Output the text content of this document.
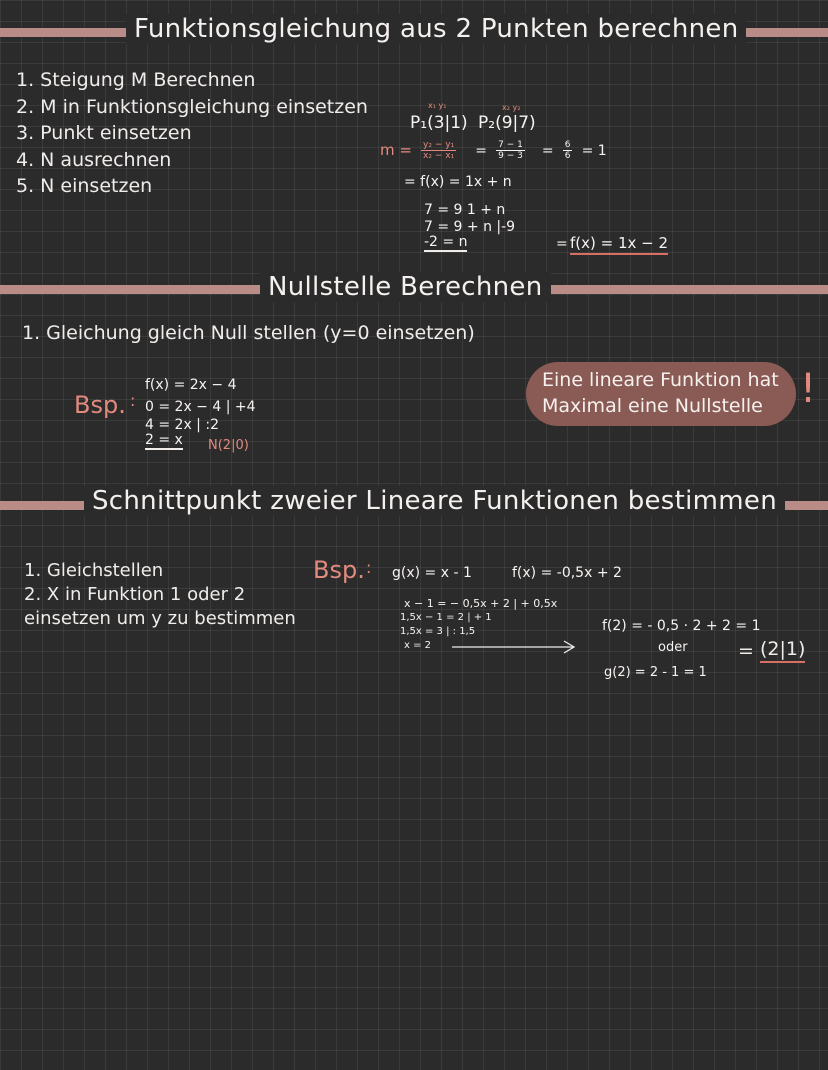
Funktionsgleichung aus 2 Punkten berechnen
1. Steigung M Berechnen
2. M in Funktionsgleichung einsetzen
3. Punkt einsetzen
4. N ausrechnen
5. N einsetzen
x₁ y₁	x₂ y₂
P₁(3|1) P₂(9|7)
$m = \frac{\text{y₂ − y₁}}{\text{x₂ − x₁}} = \frac{7 - 1}{9 - 3} = \frac{6}{6} = 1$
= f(x) = 1x + n
7 = 9 1 + n
7 = 9 + n |-9
-2 = n	= f(x) = 1x − 2
Nullstelle Berechnen
1. Gleichung gleich Null stellen (y=0 einsetzen)
Bsp. :
f(x) = 2x − 4
0 = 2x − 4 | +4
4 = 2x | :2
2 = x N(2|0)
Eine lineare Funktion hat
Maximal eine Nullstelle !
Schnittpunkt zweier Lineare Funktionen bestimmen
1. Gleichstellen
2. X in Funktion 1 oder 2
einsetzen um y zu bestimmen
Bsp. : g(x) = x - 1	f(x) = -0,5x + 2
x − 1 = − 0,5x + 2 | + 0,5x
1,5x − 1 = 2 | + 1
1,5x = 3 | : 1,5
x = 2
f(2) = - 0,5 · 2 + 2 = 1
oder
g(2) = 2 - 1 = 1
= (2|1)
